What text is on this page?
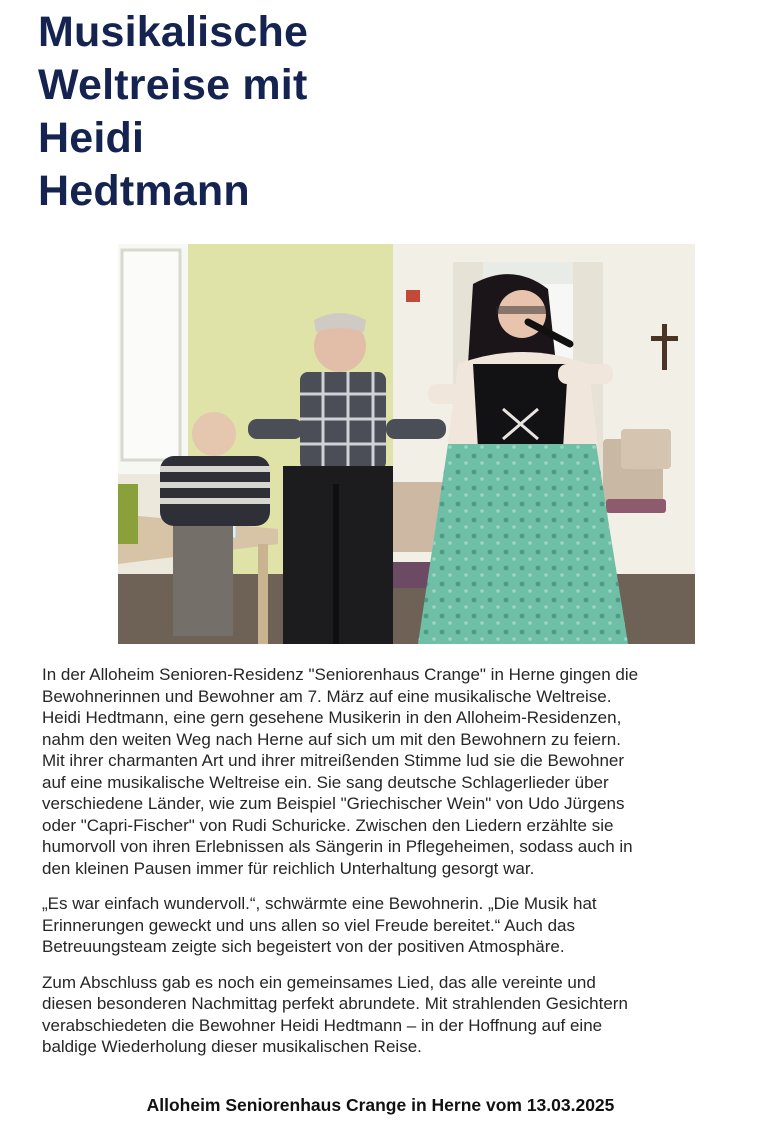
Musikalische
Weltreise mit
Heidi
Hedtmann

In der Alloheim Senioren-Residenz "Seniorenhaus Crange" in Herne gingen die
Bewohnerinnen und Bewohner am 7. März auf eine musikalische Weltreise.
Heidi Hedtmann, eine gern gesehene Musikerin in den Alloheim-Residenzen,
nahm den weiten Weg nach Herne auf sich um mit den Bewohnern zu feiern.
Mit ihrer charmanten Art und ihrer mitreißenden Stimme lud sie die Bewohner
auf eine musikalische Weltreise ein. Sie sang deutsche Schlagerlieder über
verschiedene Länder, wie zum Beispiel "Griechischer Wein" von Udo Jürgens
oder "Capri-Fischer" von Rudi Schuricke. Zwischen den Liedern erzählte sie
humorvoll von ihren Erlebnissen als Sängerin in Pflegeheimen, sodass auch in
den kleinen Pausen immer für reichlich Unterhaltung gesorgt war.

„Es war einfach wundervoll.“, schwärmte eine Bewohnerin. „Die Musik hat
Erinnerungen geweckt und uns allen so viel Freude bereitet.“ Auch das
Betreuungsteam zeigte sich begeistert von der positiven Atmosphäre.

Zum Abschluss gab es noch ein gemeinsames Lied, das alle vereinte und
diesen besonderen Nachmittag perfekt abrundete. Mit strahlenden Gesichtern
verabschiedeten die Bewohner Heidi Hedtmann – in der Hoffnung auf eine
baldige Wiederholung dieser musikalischen Reise.

Alloheim Seniorenhaus Crange in Herne vom 13.03.2025
